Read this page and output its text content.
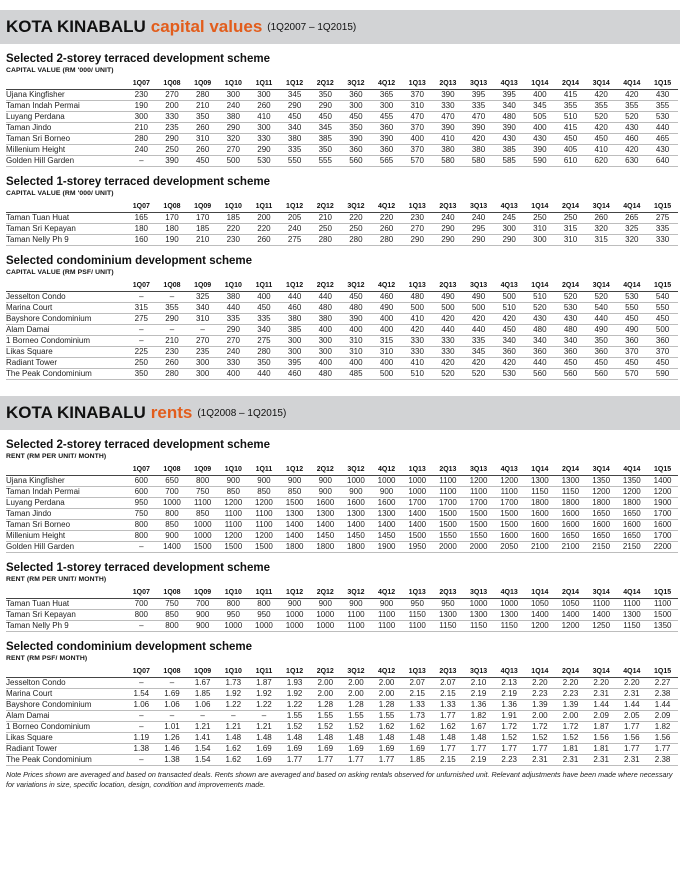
KOTA KINABALU capital values (1Q2007 – 1Q2015)
Selected 2-storey terraced development scheme
CAPITAL VALUE (RM '000/ UNIT)
	1Q07	1Q08	1Q09	1Q10	1Q11	1Q12	2Q12	3Q12	4Q12	1Q13	2Q13	3Q13	4Q13	1Q14	2Q14	3Q14	4Q14	1Q15
Ujana Kingfisher	230	270	280	300	300	345	350	360	365	370	390	395	395	400	415	420	420	430
Taman Indah Permai	190	200	210	240	260	290	290	300	300	310	330	335	340	345	355	355	355	355
Luyang Perdana	300	330	350	380	410	450	450	450	455	470	470	470	480	505	510	520	520	530
Taman Jindo	210	235	260	290	300	340	345	350	360	370	390	390	390	400	415	420	430	440
Taman Sri Borneo	280	290	310	320	330	380	385	390	390	400	410	420	430	430	450	450	460	465
Millenium Height	240	250	260	270	290	335	350	360	360	370	380	380	385	390	405	410	420	430
Golden Hill Garden	–	390	450	500	530	550	555	560	565	570	580	580	585	590	610	620	630	640
Selected 1-storey terraced development scheme
CAPITAL VALUE (RM '000/ UNIT)
	1Q07	1Q08	1Q09	1Q10	1Q11	1Q12	2Q12	3Q12	4Q12	1Q13	2Q13	3Q13	4Q13	1Q14	2Q14	3Q14	4Q14	1Q15
Taman Tuan Huat	165	170	170	185	200	205	210	220	220	230	240	240	245	250	250	260	265	275
Taman Sri Kepayan	180	180	185	220	220	240	250	250	260	270	290	295	300	310	315	320	325	335
Taman Nelly Ph 9	160	190	210	230	260	275	280	280	280	290	290	290	290	300	310	315	320	330
Selected condominium development scheme
CAPITAL VALUE (RM PSF/ UNIT)
	1Q07	1Q08	1Q09	1Q10	1Q11	1Q12	2Q12	3Q12	4Q12	1Q13	2Q13	3Q13	4Q13	1Q14	2Q14	3Q14	4Q14	1Q15
Jesselton Condo	–	–	325	380	400	440	440	450	460	480	490	490	500	510	520	520	530	540
Marina Court	315	355	340	440	450	460	480	480	490	500	500	500	510	520	530	540	550	550
Bayshore Condominium	275	290	310	335	335	380	380	390	400	410	420	420	420	430	430	440	450	450
Alam Damai	–	–	–	290	340	385	400	400	400	420	440	440	450	480	480	490	490	500
1 Borneo Condominium	–	210	270	270	275	300	300	310	315	330	330	335	340	340	340	350	360	360
Likas Square	225	230	235	240	280	300	300	310	310	330	330	345	360	360	360	360	370	370
Radiant Tower	250	260	300	330	350	395	400	400	400	410	420	420	420	440	450	450	450	450
The Peak Condominium	350	280	300	400	440	460	480	485	500	510	520	520	530	560	560	560	570	590
KOTA KINABALU rents (1Q2008 – 1Q2015)
Selected 2-storey terraced development scheme
RENT (RM PER UNIT/ MONTH)
	1Q07	1Q08	1Q09	1Q10	1Q11	1Q12	2Q12	3Q12	4Q12	1Q13	2Q13	3Q13	4Q13	1Q14	2Q14	3Q14	4Q14	1Q15
Ujana Kingfisher	600	650	800	900	900	900	900	1000	1000	1000	1100	1200	1200	1300	1300	1350	1350	1400
Taman Indah Permai	600	700	750	850	850	850	900	900	900	1000	1100	1100	1100	1150	1150	1200	1200	1200
Luyang Perdana	950	1000	1100	1200	1200	1500	1600	1600	1600	1700	1700	1700	1700	1800	1800	1800	1800	1900
Taman Jindo	750	800	850	1100	1100	1300	1300	1300	1300	1400	1500	1500	1500	1600	1600	1650	1650	1700
Taman Sri Borneo	800	850	1000	1100	1100	1400	1400	1400	1400	1400	1500	1500	1500	1600	1600	1600	1600	1600
Millenium Height	800	900	1000	1200	1200	1400	1450	1450	1450	1500	1550	1550	1600	1600	1650	1650	1650	1700
Golden Hill Garden	–	1400	1500	1500	1500	1800	1800	1800	1900	1950	2000	2000	2050	2100	2100	2150	2150	2200
Selected 1-storey terraced development scheme
RENT (RM PER UNIT/ MONTH)
	1Q07	1Q08	1Q09	1Q10	1Q11	1Q12	2Q12	3Q12	4Q12	1Q13	2Q13	3Q13	4Q13	1Q14	2Q14	3Q14	4Q14	1Q15
Taman Tuan Huat	700	750	700	800	800	900	900	900	900	950	950	1000	1000	1050	1050	1100	1100	1100
Taman Sri Kepayan	800	850	900	950	950	1000	1000	1100	1100	1150	1300	1300	1300	1400	1400	1400	1300	1500
Taman Nelly Ph 9	–	800	900	1000	1000	1000	1000	1100	1100	1100	1150	1150	1150	1200	1200	1250	1150	1350
Selected condominium development scheme
RENT (RM PSF/ MONTH)
	1Q07	1Q08	1Q09	1Q10	1Q11	1Q12	2Q12	3Q12	4Q12	1Q13	2Q13	3Q13	4Q13	1Q14	2Q14	3Q14	4Q14	1Q15
Jesselton Condo	–	–	1.67	1.73	1.87	1.93	2.00	2.00	2.00	2.07	2.07	2.10	2.13	2.20	2.20	2.20	2.20	2.27
Marina Court	1.54	1.69	1.85	1.92	1.92	1.92	2.00	2.00	2.00	2.15	2.15	2.19	2.19	2.23	2.23	2.31	2.31	2.38
Bayshore Condominium	1.06	1.06	1.06	1.22	1.22	1.22	1.28	1.28	1.28	1.33	1.33	1.36	1.36	1.39	1.39	1.44	1.44	1.44
Alam Damai	–	–	–	–	–	1.55	1.55	1.55	1.55	1.73	1.77	1.82	1.91	2.00	2.00	2.09	2.05	2.09
1 Borneo Condominium	–	1.01	1.21	1.21	1.21	1.52	1.52	1.52	1.62	1.62	1.62	1.67	1.72	1.72	1.72	1.87	1.77	1.82
Likas Square	1.19	1.26	1.41	1.48	1.48	1.48	1.48	1.48	1.48	1.48	1.48	1.48	1.52	1.52	1.52	1.56	1.56	1.56
Radiant Tower	1.38	1.46	1.54	1.62	1.69	1.69	1.69	1.69	1.69	1.69	1.77	1.77	1.77	1.77	1.81	1.81	1.77	1.77
The Peak Condominium	–	1.38	1.54	1.62	1.69	1.77	1.77	1.77	1.77	1.85	2.15	2.19	2.23	2.31	2.31	2.31	2.31	2.38
Note Prices shown are averaged and based on transacted deals. Rents shown are averaged and based on asking rentals observed for unfurnished unit. Relevant adjustments have been made where necessary for variations in size, specific location, design, condition and improvements made.
